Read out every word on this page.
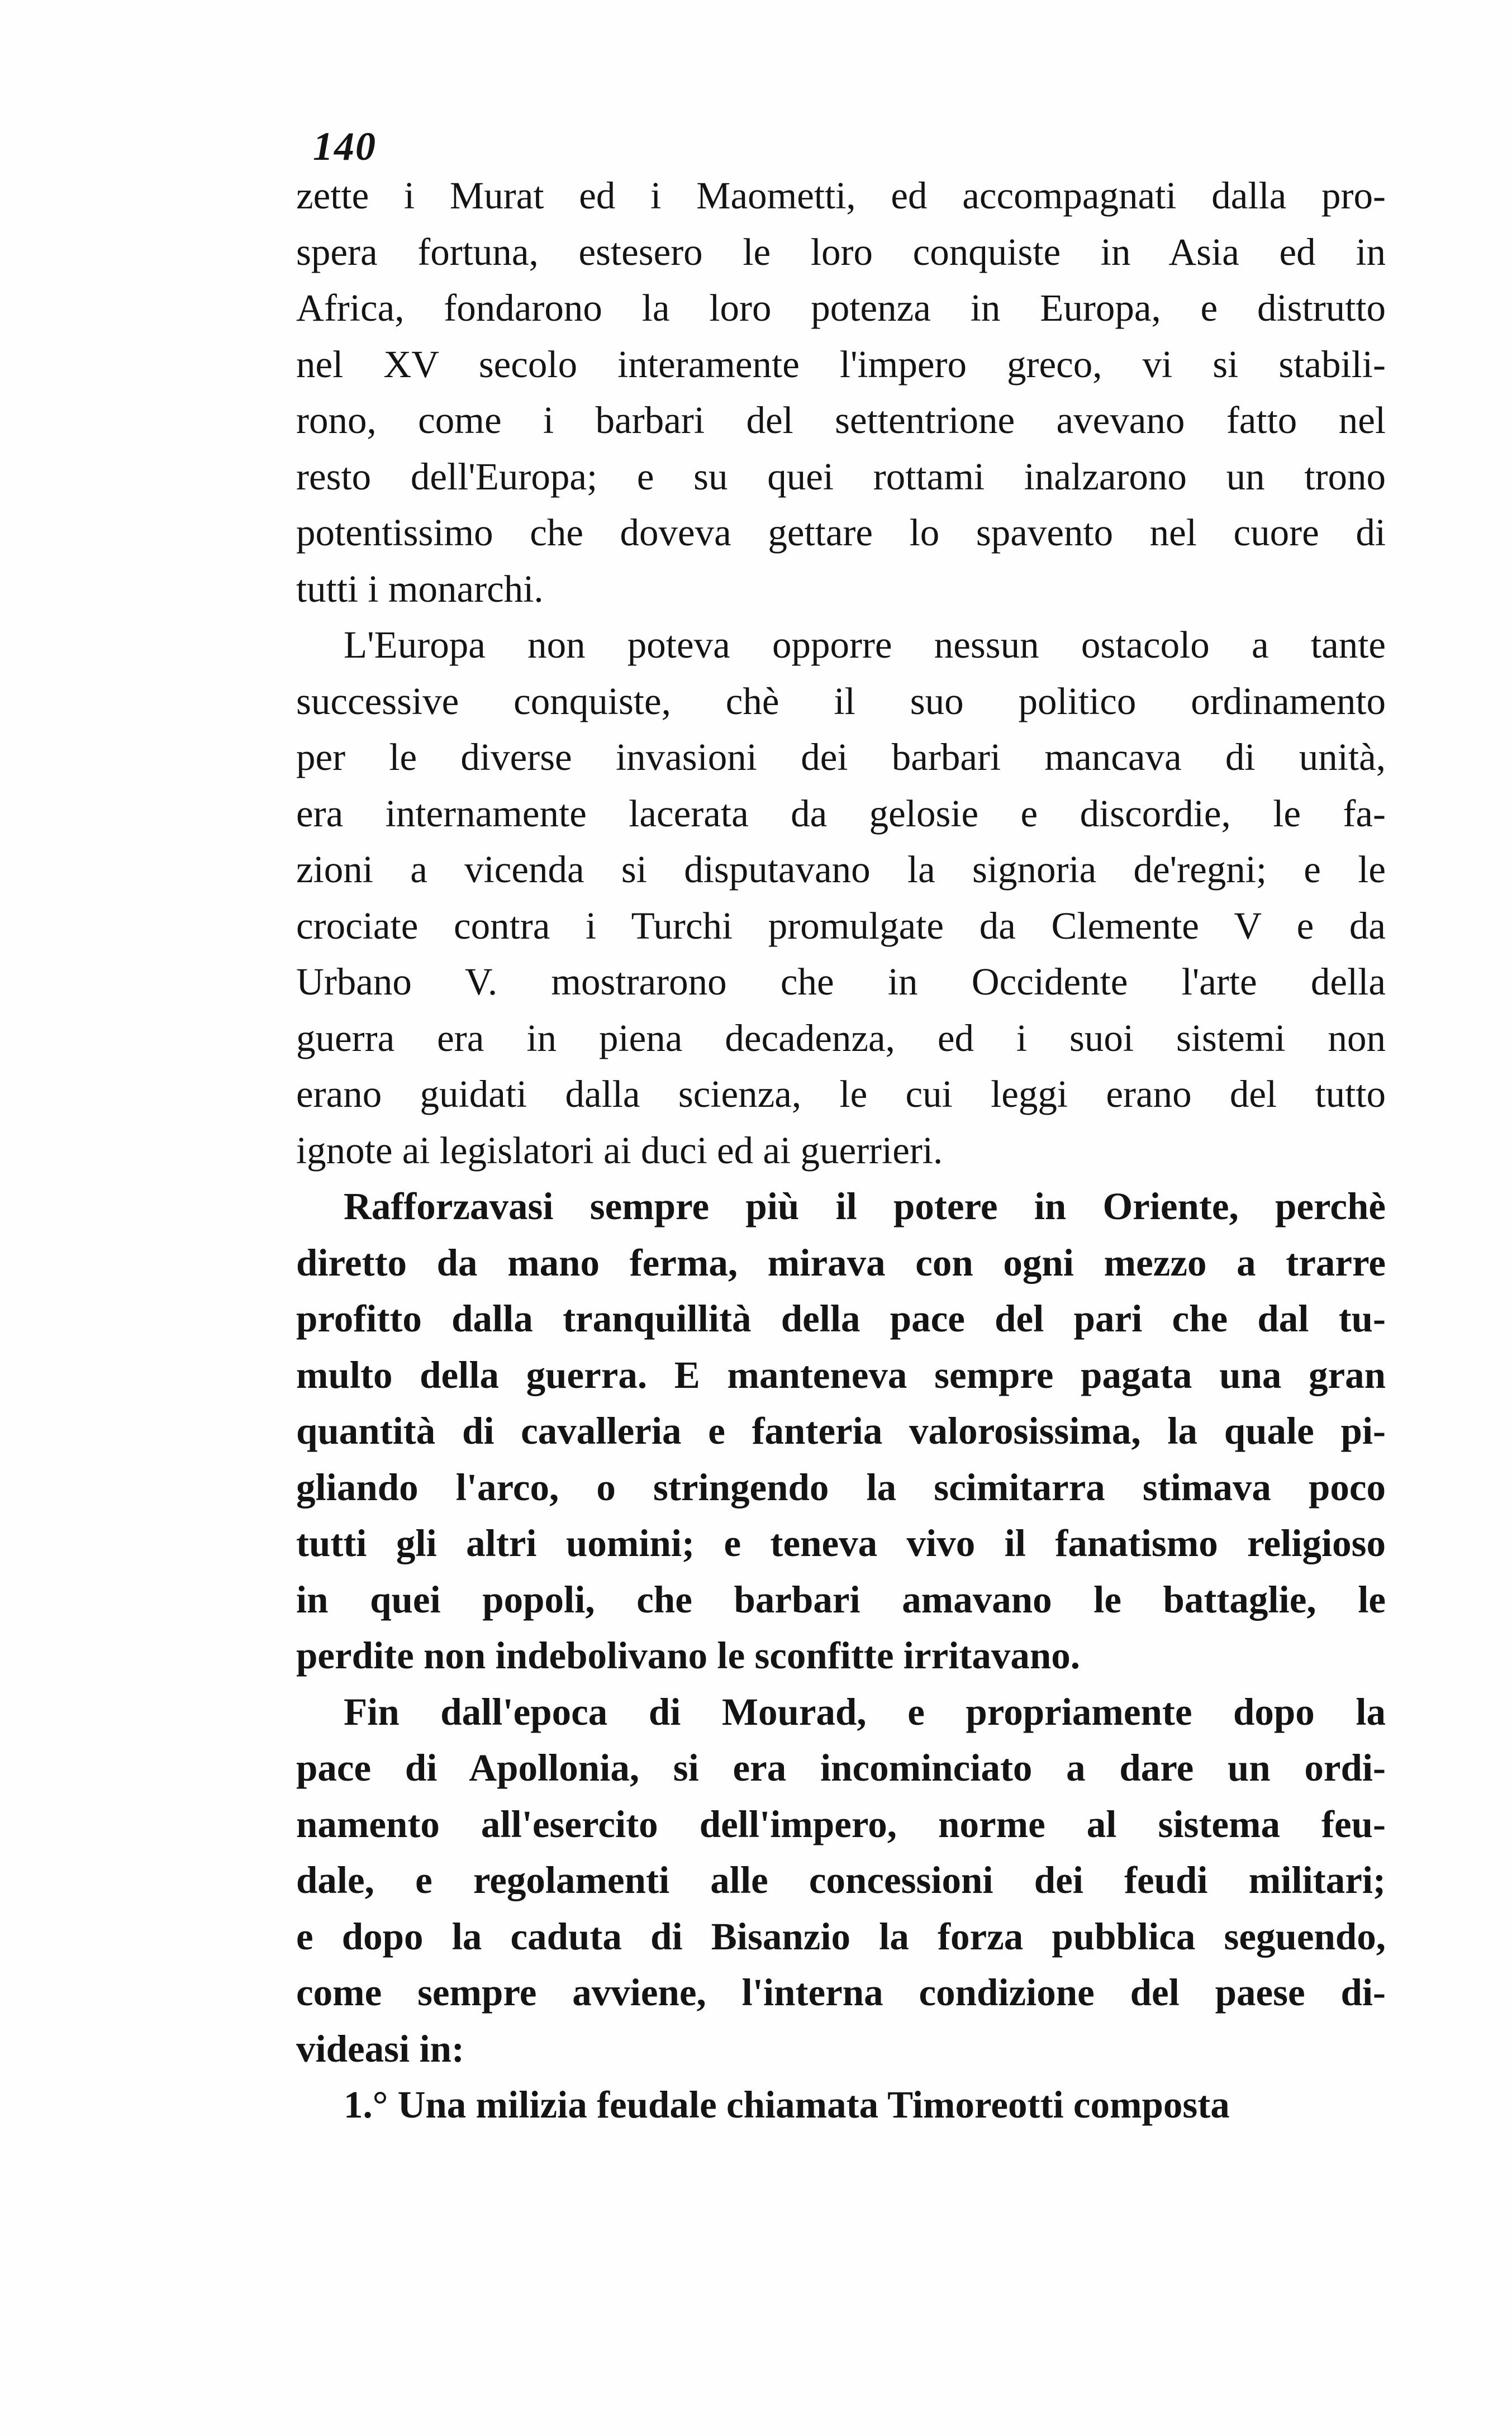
140
zette i Murat ed i Maometti, ed accompagnati dalla pro-
spera fortuna, estesero le loro conquiste in Asia ed in
Africa, fondarono la loro potenza in Europa, e distrutto
nel XV secolo interamente l'impero greco, vi si stabili-
rono, come i barbari del settentrione avevano fatto nel
resto dell'Europa; e su quei rottami inalzarono un trono
potentissimo che doveva gettare lo spavento nel cuore di
tutti i monarchi.
L'Europa non poteva opporre nessun ostacolo a tante
successive conquiste, chè il suo politico ordinamento
per le diverse invasioni dei barbari mancava di unità,
era internamente lacerata da gelosie e discordie, le fa-
zioni a vicenda si disputavano la signoria de'regni; e le
crociate contra i Turchi promulgate da Clemente V e da
Urbano V. mostrarono che in Occidente l'arte della
guerra era in piena decadenza, ed i suoi sistemi non
erano guidati dalla scienza, le cui leggi erano del tutto
ignote ai legislatori ai duci ed ai guerrieri.
Rafforzavasi sempre più il potere in Oriente, perchè
diretto da mano ferma, mirava con ogni mezzo a trarre
profitto dalla tranquillità della pace del pari che dal tu-
multo della guerra. E manteneva sempre pagata una gran
quantità di cavalleria e fanteria valorosissima, la quale pi-
gliando l'arco, o stringendo la scimitarra stimava poco
tutti gli altri uomini; e teneva vivo il fanatismo religioso
in quei popoli, che barbari amavano le battaglie, le
perdite non indebolivano le sconfitte irritavano.
Fin dall'epoca di Mourad, e propriamente dopo la
pace di Apollonia, si era incominciato a dare un ordi-
namento all'esercito dell'impero, norme al sistema feu-
dale, e regolamenti alle concessioni dei feudi militari;
e dopo la caduta di Bisanzio la forza pubblica seguendo,
come sempre avviene, l'interna condizione del paese di-
videasi in:
1.° Una milizia feudale chiamata Timoreotti composta
